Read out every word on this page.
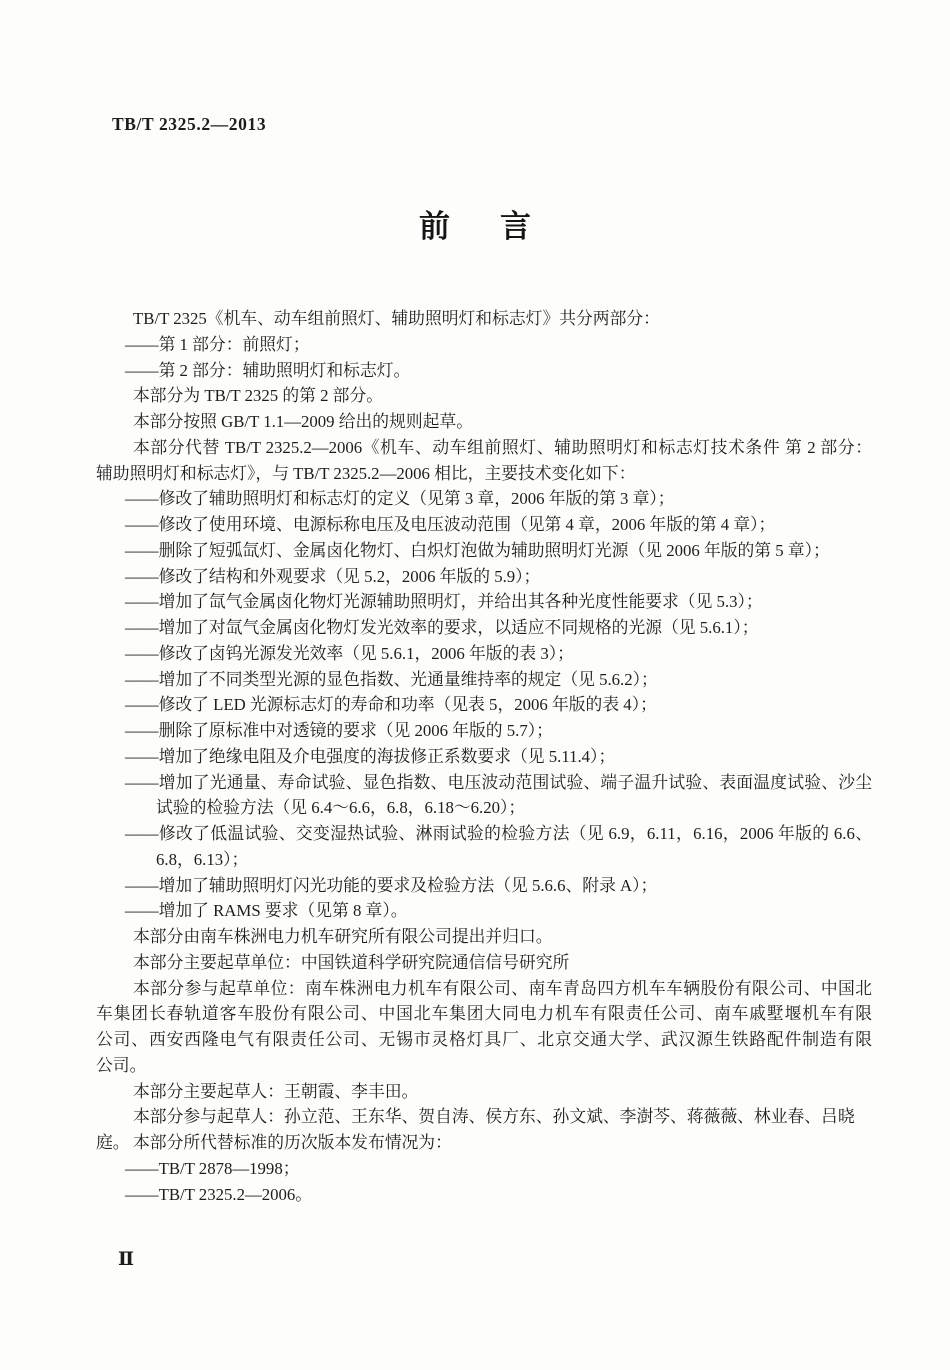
TB/T 2325.2—2013
前 言
TB/T 2325《机车、动车组前照灯、辅助照明灯和标志灯》共分两部分：
——第 1 部分：前照灯；
——第 2 部分：辅助照明灯和标志灯。
本部分为 TB/T 2325 的第 2 部分。
本部分按照 GB/T 1.1—2009 给出的规则起草。
本部分代替 TB/T 2325.2—2006《机车、动车组前照灯、辅助照明灯和标志灯技术条件 第 2 部分：
辅助照明灯和标志灯》，与 TB/T 2325.2—2006 相比，主要技术变化如下：
——修改了辅助照明灯和标志灯的定义（见第 3 章，2006 年版的第 3 章）；
——修改了使用环境、电源标称电压及电压波动范围（见第 4 章，2006 年版的第 4 章）；
——删除了短弧氙灯、金属卤化物灯、白炽灯泡做为辅助照明灯光源（见 2006 年版的第 5 章）；
——修改了结构和外观要求（见 5.2，2006 年版的 5.9）；
——增加了氙气金属卤化物灯光源辅助照明灯，并给出其各种光度性能要求（见 5.3）；
——增加了对氙气金属卤化物灯发光效率的要求，以适应不同规格的光源（见 5.6.1）；
——修改了卤钨光源发光效率（见 5.6.1，2006 年版的表 3）；
——增加了不同类型光源的显色指数、光通量维持率的规定（见 5.6.2）；
——修改了 LED 光源标志灯的寿命和功率（见表 5，2006 年版的表 4）；
——删除了原标准中对透镜的要求（见 2006 年版的 5.7）；
——增加了绝缘电阻及介电强度的海拔修正系数要求（见 5.11.4）；
——增加了光通量、寿命试验、显色指数、电压波动范围试验、端子温升试验、表面温度试验、沙尘
试验的检验方法（见 6.4～6.6，6.8，6.18～6.20）；
——修改了低温试验、交变湿热试验、淋雨试验的检验方法（见 6.9，6.11，6.16，2006 年版的 6.6、
6.8，6.13）；
——增加了辅助照明灯闪光功能的要求及检验方法（见 5.6.6、附录 A）；
——增加了 RAMS 要求（见第 8 章）。
本部分由南车株洲电力机车研究所有限公司提出并归口。
本部分主要起草单位：中国铁道科学研究院通信信号研究所
本部分参与起草单位：南车株洲电力机车有限公司、南车青岛四方机车车辆股份有限公司、中国北
车集团长春轨道客车股份有限公司、中国北车集团大同电力机车有限责任公司、南车戚墅堰机车有限
公司、西安西隆电气有限责任公司、无锡市灵格灯具厂、北京交通大学、武汉源生铁路配件制造有限
公司。
本部分主要起草人：王朝霞、李丰田。
本部分参与起草人：孙立范、王东华、贺自涛、侯方东、孙文斌、李澍芩、蒋薇薇、林业春、吕晓庭。 本部分所代替标准的历次版本发布情况为：
——TB/T 2878—1998；
——TB/T 2325.2—2006。
Ⅱ
